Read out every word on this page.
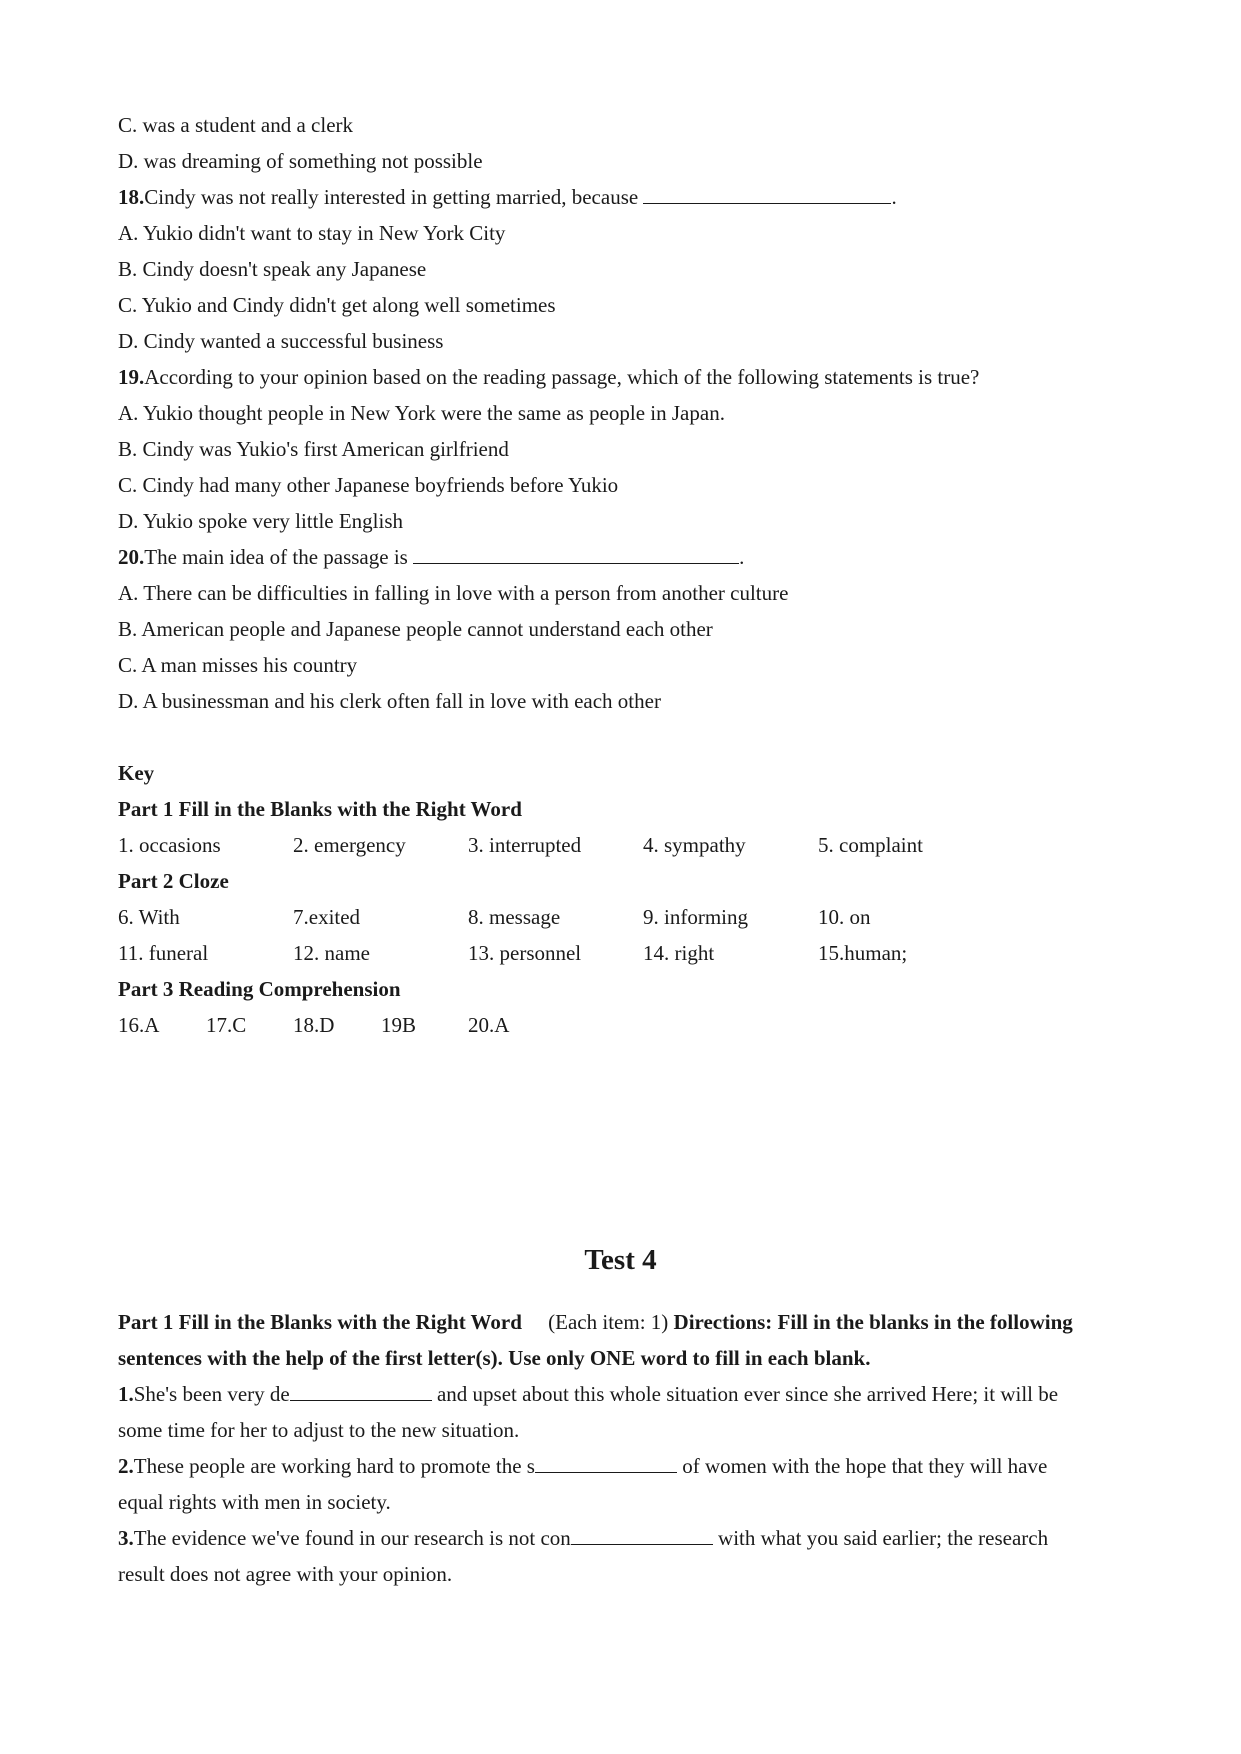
C. was a student and a clerk
D. was dreaming of something not possible
18.Cindy was not really interested in getting married, because	.
A. Yukio didn't want to stay in New York City
B. Cindy doesn't speak any Japanese
C. Yukio and Cindy didn't get along well sometimes
D. Cindy wanted a successful business
19.According to your opinion based on the reading passage, which of the following statements is true?
A. Yukio thought people in New York were the same as people in Japan.
B. Cindy was Yukio's first American girlfriend
C. Cindy had many other Japanese boyfriends before Yukio
D. Yukio spoke very little English
20.The main idea of the passage is	.
A. There can be difficulties in falling in love with a person from another culture
B. American people and Japanese people cannot understand each other
C. A man misses his country
D. A businessman and his clerk often fall in love with each other
Key
Part 1 Fill in the Blanks with the Right Word
1. occasions	2. emergency	3. interrupted	4. sympathy	5. complaint
Part 2 Cloze
6. With	7.exited	8. message	9. informing	10. on
11. funeral	12. name	13. personnel	14. right	15.human;
Part 3 Reading Comprehension
16.A 17.C 18.D 19B 20.A
Test 4
Part 1 Fill in the Blanks with the Right Word (Each item: 1) Directions: Fill in the blanks in the following sentences with the help of the first letter(s). Use only ONE word to fill in each blank.
1.She's been very de	and upset about this whole situation ever since she arrived Here; it will be
some time for her to adjust to the new situation.
2.These people are working hard to promote the s	of women with the hope that they will have
equal rights with men in society.
3.The evidence we've found in our research is not con	with what you said earlier; the research
result does not agree with your opinion.
